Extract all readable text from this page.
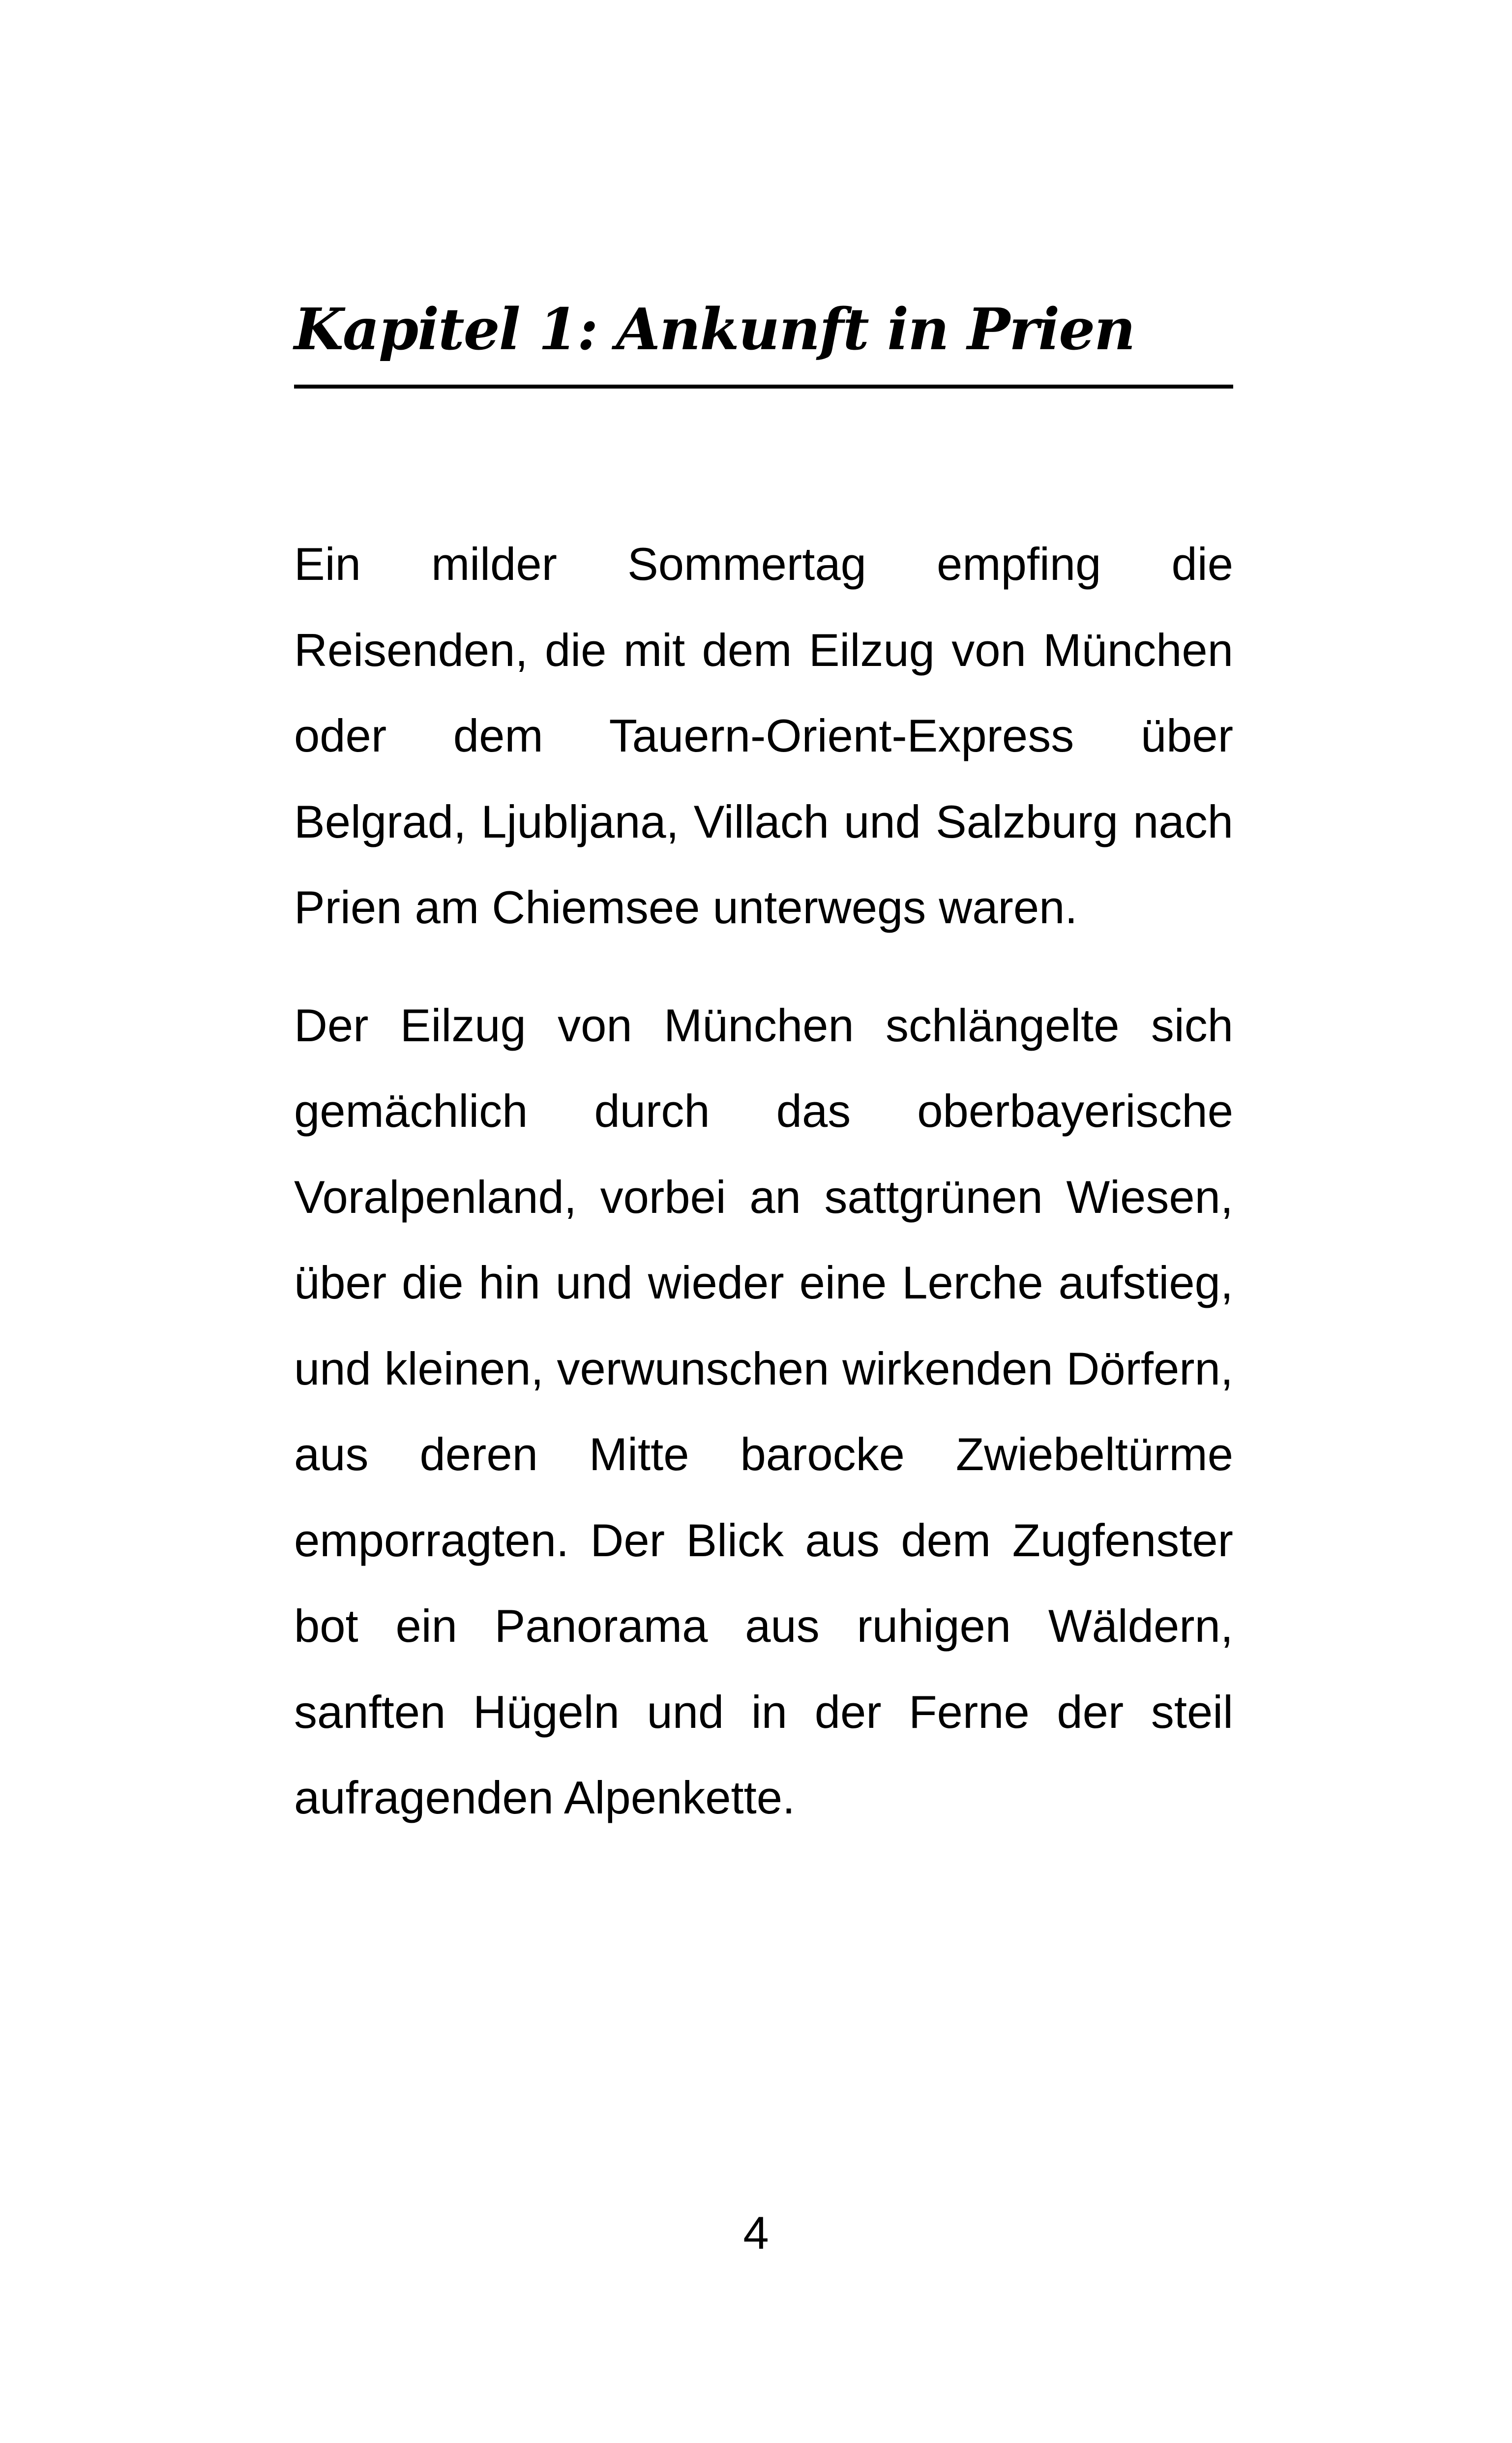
Kapitel 1: Ankunft in Prien

Ein milder Sommertag empfing die Reisenden, die mit dem Eilzug von München oder dem Tauern-Orient-Express über Belgrad, Ljubljana, Villach und Salzburg nach Prien am Chiemsee unterwegs waren.

Der Eilzug von München schlängelte sich gemächlich durch das oberbayerische Voralpenland, vorbei an sattgrünen Wiesen, über die hin und wieder eine Lerche aufstieg, und kleinen, verwunschen wirkenden Dörfern, aus deren Mitte barocke Zwiebeltürme emporragten. Der Blick aus dem Zugfenster bot ein Panorama aus ruhigen Wäldern, sanften Hügeln und in der Ferne der steil aufragenden Alpenkette.

4
